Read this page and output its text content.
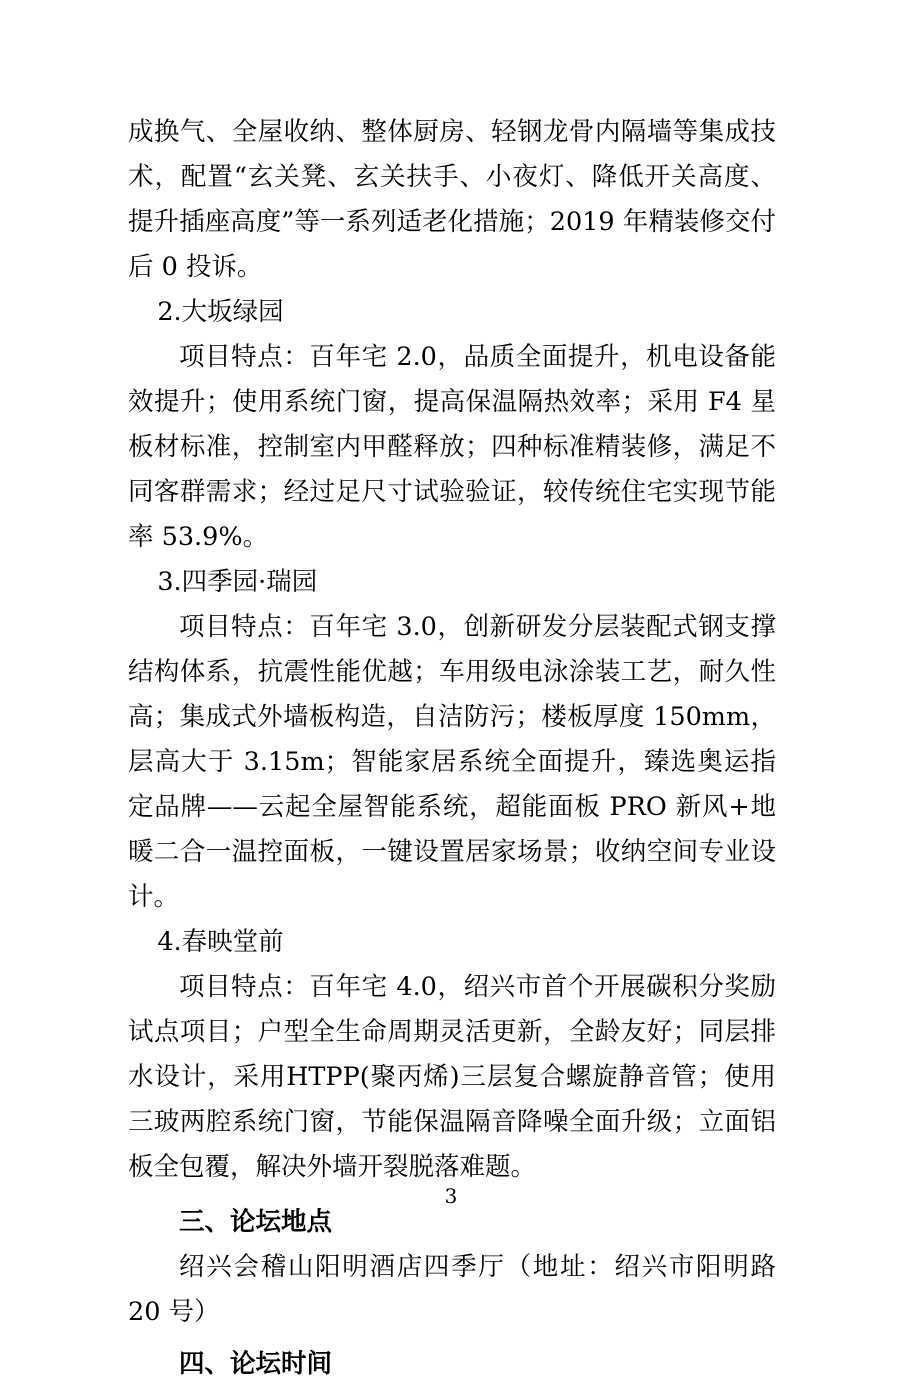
成换气、全屋收纳、整体厨房、轻钢龙骨内隔墙等集成技术，配置“玄关凳、玄关扶手、小夜灯、降低开关高度、提升插座高度”等一系列适老化措施；2019 年精装修交付后 0 投诉。

2.大坂绿园

项目特点：百年宅 2.0，品质全面提升，机电设备能效提升；使用系统门窗，提高保温隔热效率；采用 F4 星板材标准，控制室内甲醛释放；四种标准精装修，满足不同客群需求；经过足尺寸试验验证，较传统住宅实现节能率 53.9%。

3.四季园·瑞园

项目特点：百年宅 3.0，创新研发分层装配式钢支撑结构体系，抗震性能优越；车用级电泳涂装工艺，耐久性高；集成式外墙板构造，自洁防污；楼板厚度 150mm，层高大于 3.15m；智能家居系统全面提升，臻选奥运指定品牌——云起全屋智能系统，超能面板 PRO 新风+地暖二合一温控面板，一键设置居家场景；收纳空间专业设计。

4.春映堂前

项目特点：百年宅 4.0，绍兴市首个开展碳积分奖励试点项目；户型全生命周期灵活更新，全龄友好；同层排水设计，采用HTPP(聚丙烯)三层复合螺旋静音管；使用三玻两腔系统门窗，节能保温隔音降噪全面升级；立面铝板全包覆，解决外墙开裂脱落难题。

三、论坛地点

绍兴会稽山阳明酒店四季厅（地址：绍兴市阳明路 20 号）

四、论坛时间

3
